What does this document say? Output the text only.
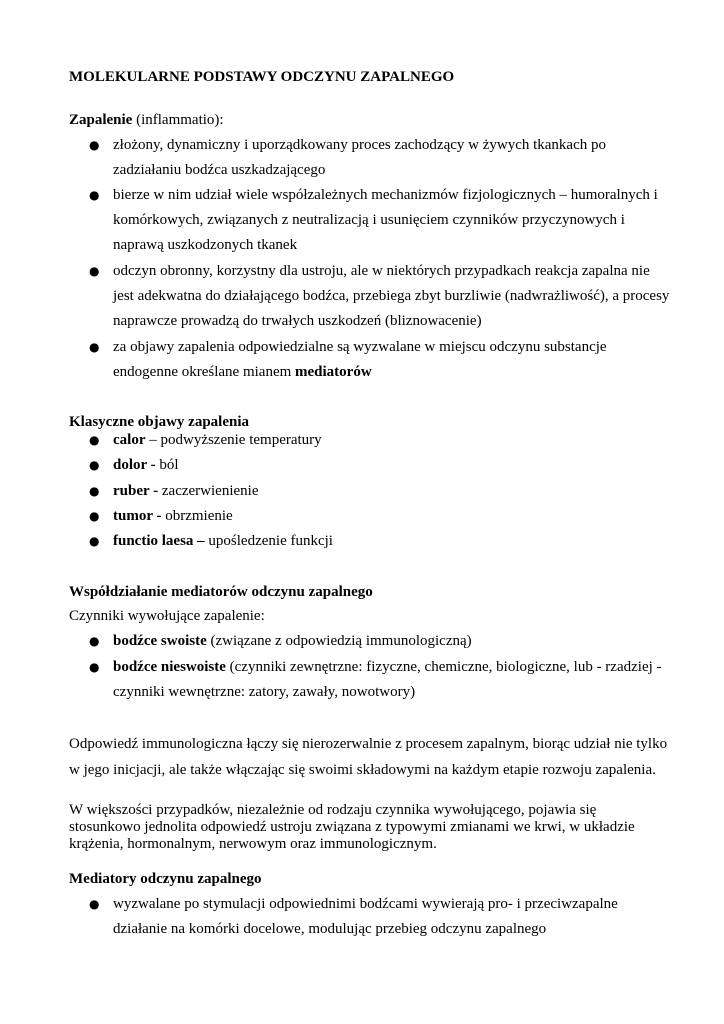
MOLEKULARNE PODSTAWY ODCZYNU ZAPALNEGO
Zapalenie (inflammatio):
● złożony, dynamiczny i uporządkowany proces zachodzący w żywych tkankach po
zadziałaniu bodźca uszkadzającego
● bierze w nim udział wiele współzależnych mechanizmów fizjologicznych – humoralnych i
komórkowych, związanych z neutralizacją i usunięciem czynników przyczynowych i
naprawą uszkodzonych tkanek
● odczyn obronny, korzystny dla ustroju, ale w niektórych przypadkach reakcja zapalna nie
jest adekwatna do działającego bodźca, przebiega zbyt burzliwie (nadwrażliwość), a procesy
naprawcze prowadzą do trwałych uszkodzeń (bliznowacenie)
● za objawy zapalenia odpowiedzialne są wyzwalane w miejscu odczynu substancje
endogenne określane mianem mediatorów
Klasyczne objawy zapalenia
● calor – podwyższenie temperatury
● dolor - ból
● ruber - zaczerwienienie
● tumor - obrzmienie
● functio laesa – upośledzenie funkcji
Współdziałanie mediatorów odczynu zapalnego
Czynniki wywołujące zapalenie:
● bodźce swoiste (związane z odpowiedzią immunologiczną)
● bodźce nieswoiste (czynniki zewnętrzne: fizyczne, chemiczne, biologiczne, lub - rzadziej -
czynniki wewnętrzne: zatory, zawały, nowotwory)
Odpowiedź immunologiczna łączy się nierozerwalnie z procesem zapalnym, biorąc udział nie tylko
w jego inicjacji, ale także włączając się swoimi składowymi na każdym etapie rozwoju zapalenia.
W większości przypadków, niezależnie od rodzaju czynnika wywołującego, pojawia się
stosunkowo jednolita odpowiedź ustroju związana z typowymi zmianami we krwi, w układzie
krążenia, hormonalnym, nerwowym oraz immunologicznym.
Mediatory odczynu zapalnego
● wyzwalane po stymulacji odpowiednimi bodźcami wywierają pro- i przeciwzapalne
działanie na komórki docelowe, modulując przebieg odczynu zapalnego
